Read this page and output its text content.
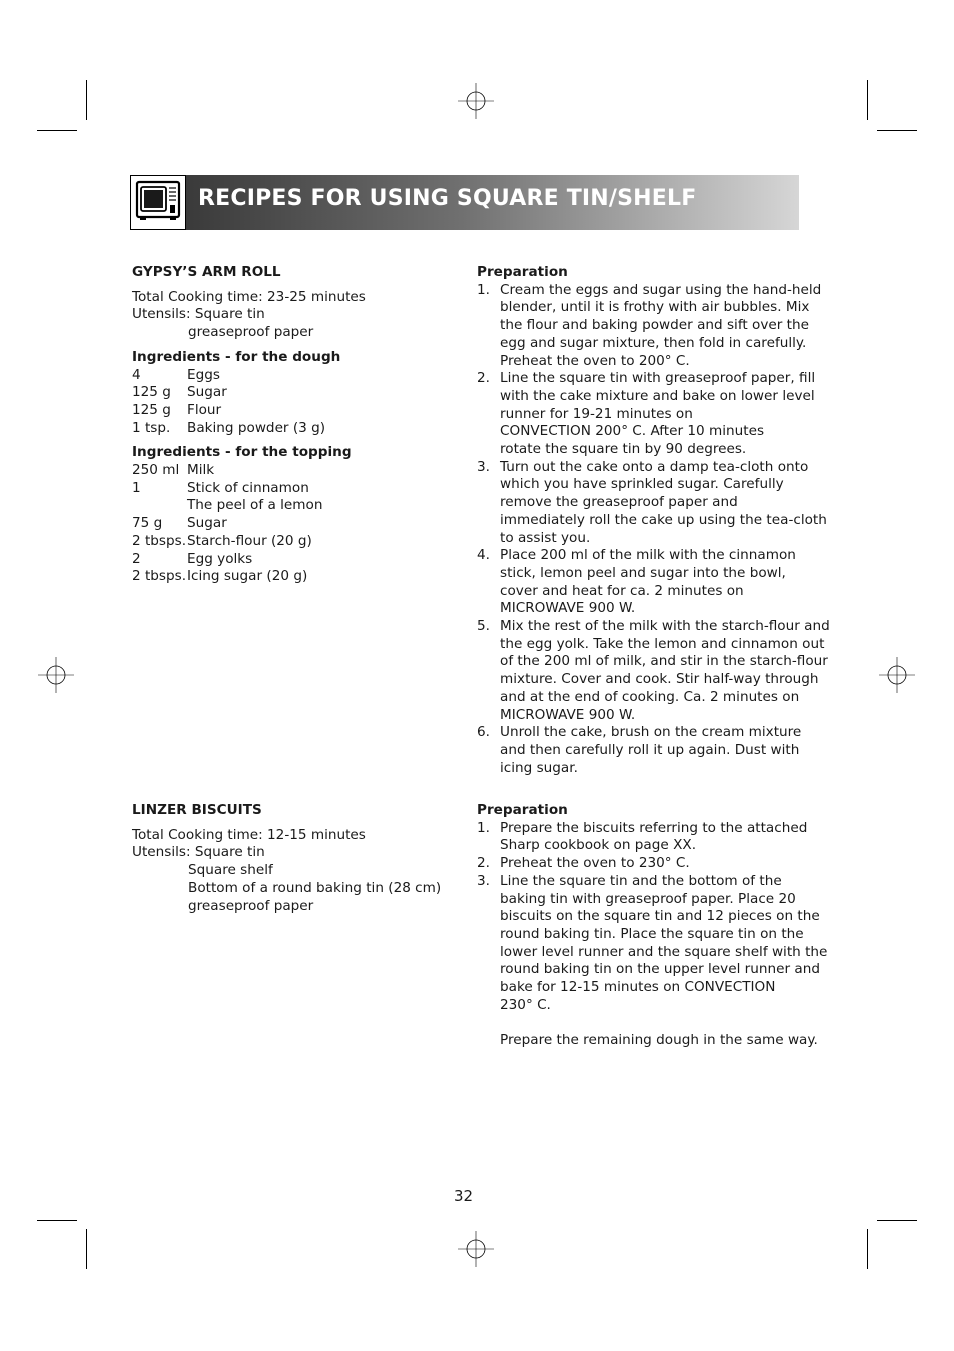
RECIPES FOR USING SQUARE TIN/SHELF

GYPSY’S ARM ROLL

Total Cooking time: 23-25 minutes

Utensils: Square tin

greaseproof paper

Ingredients - for the dough

4	Eggs
125 g	Sugar
125 g	Flour
1 tsp.	Baking powder (3 g)

Ingredients - for the topping

250 ml Milk
1	Stick of cinnamon
The peel of a lemon
75 g	Sugar
2 tbsps. Starch-flour (20 g)
2	Egg yolks
2 tbsps. Icing sugar (20 g)

Preparation

1. Cream the eggs and sugar using the hand-held
blender, until it is frothy with air bubbles. Mix
the flour and baking powder and sift over the
egg and sugar mixture, then fold in carefully.
Preheat the oven to 200° C.
2. Line the square tin with greaseproof paper, fill
with the cake mixture and bake on lower level
runner for 19-21 minutes on
CONVECTION 200° C. After 10 minutes
rotate the square tin by 90 degrees.
3. Turn out the cake onto a damp tea-cloth onto
which you have sprinkled sugar. Carefully
remove the greaseproof paper and
immediately roll the cake up using the tea-cloth
to assist you.
4. Place 200 ml of the milk with the cinnamon
stick, lemon peel and sugar into the bowl,
cover and heat for ca. 2 minutes on
MICROWAVE 900 W.
5. Mix the rest of the milk with the starch-flour and
the egg yolk. Take the lemon and cinnamon out
of the 200 ml of milk, and stir in the starch-flour
mixture. Cover and cook. Stir half-way through
and at the end of cooking. Ca. 2 minutes on
MICROWAVE 900 W.
6. Unroll the cake, brush on the cream mixture
and then carefully roll it up again. Dust with
icing sugar.

LINZER BISCUITS

Total Cooking time: 12-15 minutes

Utensils: Square tin

Square shelf

Bottom of a round baking tin (28 cm)

greaseproof paper

Preparation

1. Prepare the biscuits referring to the attached
Sharp cookbook on page XX.
2. Preheat the oven to 230° C.
3. Line the square tin and the bottom of the
baking tin with greaseproof paper. Place 20
biscuits on the square tin and 12 pieces on the
round baking tin. Place the square tin on the
lower level runner and the square shelf with the
round baking tin on the upper level runner and
bake for 12-15 minutes on CONVECTION
230° C.

Prepare the remaining dough in the same way.

32
